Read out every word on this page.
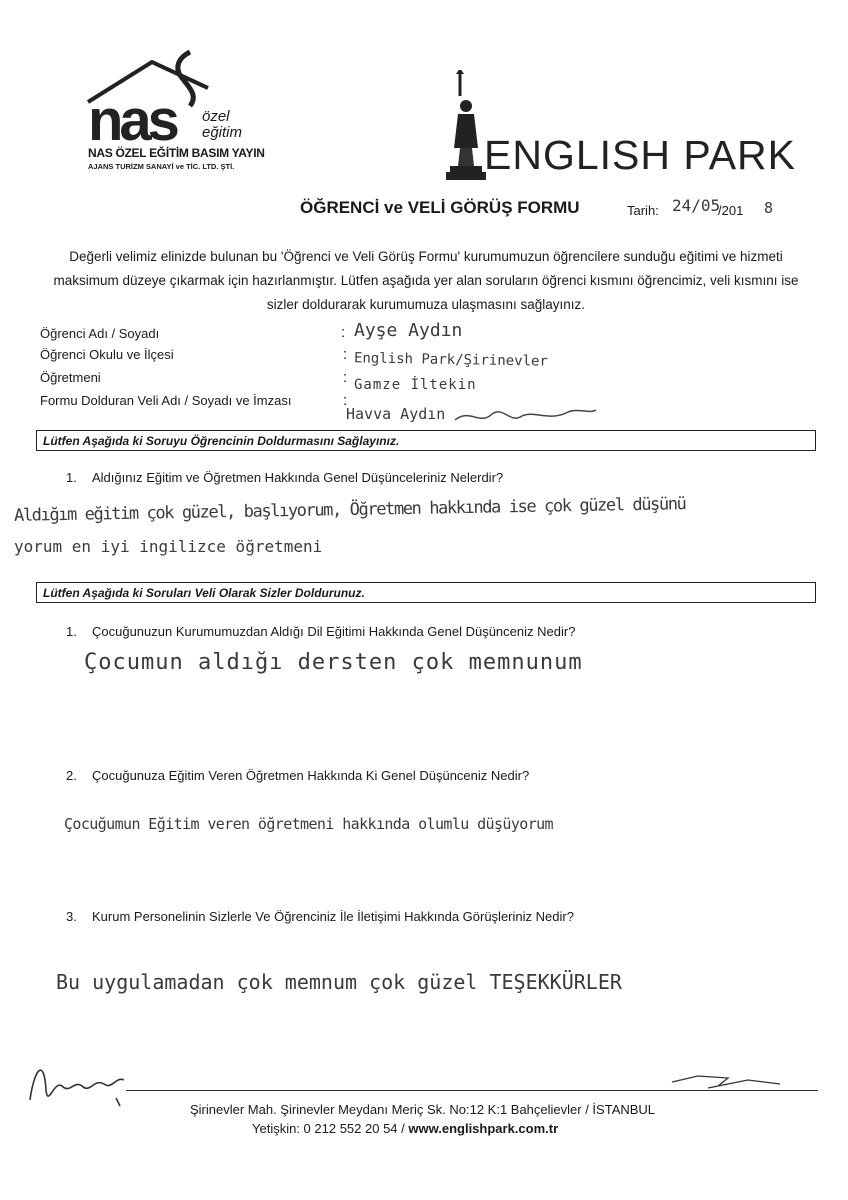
nas özel
eğitim
NAS ÖZEL EĞİTİM BASIM YAYIN
AJANS TURİZM SANAYİ ve TİC. LTD. ŞTİ.	ENGLISH PARK
ÖĞRENCİ ve VELİ GÖRÜŞ FORMU	Tarih: 24/05
/201 8
Değerli velimiz elinizde bulunan bu 'Öğrenci ve Veli Görüş Formu' kurumumuzun öğrencilere sunduğu eğitimi ve hizmeti maksimum düzeye çıkarmak için hazırlanmıştır. Lütfen aşağıda yer alan soruların öğrenci kısmını öğrencimiz, veli kısmını ise sizler doldurarak kurumumuza ulaşmasını sağlayınız.
Öğrenci Adı / Soyadı
Öğrenci Okulu ve İlçesi
Öğretmeni
Formu Dolduran Veli Adı / Soyadı ve İmzası
:
:
:
:
Ayşe Aydın
English Park/Şirinevler
Gamze İltekin
Havva Aydın
Lütfen Aşağıda ki Soruyu Öğrencinin Doldurmasını Sağlayınız.
1. Aldığınız Eğitim ve Öğretmen Hakkında Genel Düşünceleriniz Nelerdir?
Aldığım eğitim çok güzel, başlıyorum, Öğretmen hakkında ise çok güzel düşünü
yorum en iyi ingilizce öğretmeni
Lütfen Aşağıda ki Soruları Veli Olarak Sizler Doldurunuz.
1. Çocuğunuzun Kurumumuzdan Aldığı Dil Eğitimi Hakkında Genel Düşünceniz Nedir?
Çocumun aldığı dersten çok memnunum
2. Çocuğunuza Eğitim Veren Öğretmen Hakkında Ki Genel Düşünceniz Nedir?
Çocuğumun Eğitim veren öğretmeni hakkında olumlu düşüyorum
3. Kurum Personelinin Sizlerle Ve Öğrenciniz İle İletişimi Hakkında Görüşleriniz Nedir?
Bu uygulamadan çok memnum çok güzel TEŞEKKÜRLER
Şirinevler Mah. Şirinevler Meydanı Meriç Sk. No:12 K:1 Bahçelievler / İSTANBUL
Yetişkin: 0 212 552 20 54 / www.englishpark.com.tr
